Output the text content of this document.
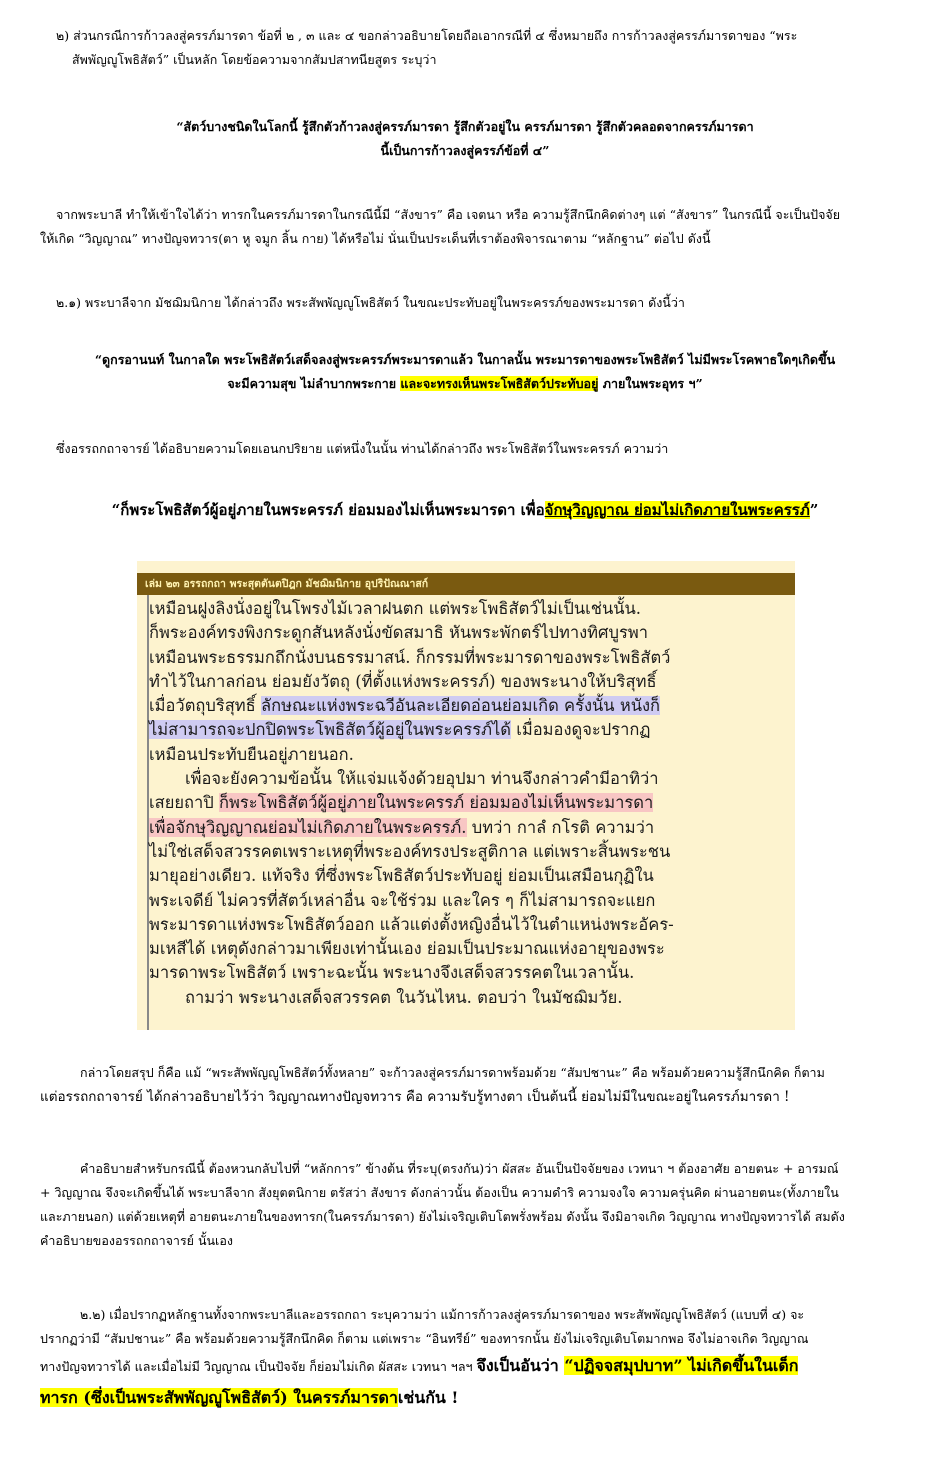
๒) ส่วนกรณีการก้าวลงสู่ครรภ์มารดา ข้อที่ ๒ , ๓ และ ๔ ขอกล่าวอธิบายโดยถือเอากรณีที่ ๔ ซึ่งหมายถึง การก้าวลงสู่ครรภ์มารดาของ “พระ
สัพพัญญูโพธิสัตว์” เป็นหลัก โดยข้อความจากสัมปสาทนียสูตร ระบุว่า
“สัตว์บางชนิดในโลกนี้ รู้สึกตัวก้าวลงสู่ครรภ์มารดา รู้สึกตัวอยู่ใน ครรภ์มารดา รู้สึกตัวคลอดจากครรภ์มารดา
นี้เป็นการก้าวลงสู่ครรภ์ข้อที่ ๔”
จากพระบาลี ทำให้เข้าใจได้ว่า ทารกในครรภ์มารดาในกรณีนี้มี “สังขาร” คือ เจตนา หรือ ความรู้สึกนึกคิดต่างๆ แต่ “สังขาร” ในกรณีนี้ จะเป็นปัจจัย
ให้เกิด “วิญญาณ” ทางปัญจทวาร(ตา หู จมูก ลิ้น กาย) ได้หรือไม่ นั่นเป็นประเด็นที่เราต้องพิจารณาตาม “หลักฐาน” ต่อไป ดังนี้
๒.๑) พระบาลีจาก มัชฌิมนิกาย ได้กล่าวถึง พระสัพพัญญูโพธิสัตว์ ในขณะประทับอยู่ในพระครรภ์ของพระมารดา ดังนี้ว่า
“ดูกรอานนท์ ในกาลใด พระโพธิสัตว์เสด็จลงสู่พระครรภ์พระมารดาแล้ว ในกาลนั้น พระมารดาของพระโพธิสัตว์ ไม่มีพระโรคพาธใดๆเกิดขึ้น
จะมีความสุข ไม่ลำบากพระกาย และจะทรงเห็นพระโพธิสัตว์ประทับอยู่ ภายในพระอุทร ฯ”
ซึ่งอรรถกถาจารย์ ได้อธิบายความโดยเอนกปริยาย แต่หนึ่งในนั้น ท่านได้กล่าวถึง พระโพธิสัตว์ในพระครรภ์ ความว่า
“ก็พระโพธิสัตว์ผู้อยู่ภายในพระครรภ์ ย่อมมองไม่เห็นพระมารดา เพื่อจักษุวิญญาณ ย่อมไม่เกิดภายในพระครรภ์”
เล่ม ๒๓ อรรถกถา พระสุตตันตปิฎก มัชฌิมนิกาย อุปริปัณณาสก์
เหมือนฝูงลิงนั่งอยู่ในโพรงไม้เวลาฝนตก แต่พระโพธิสัตว์ไม่เป็นเช่นนั้น.
ก็พระองค์ทรงพิงกระดูกสันหลังนั่งขัดสมาธิ หันพระพักตร์ไปทางทิศบูรพา
เหมือนพระธรรมกถึกนั่งบนธรรมาสน์. ก็กรรมที่พระมารดาของพระโพธิสัตว์
ทำไว้ในกาลก่อน ย่อมยังวัตถุ (ที่ตั้งแห่งพระครรภ์) ของพระนางให้บริสุทธิ์
เมื่อวัตถุบริสุทธิ์ ลักษณะแห่งพระฉวีอันละเอียดอ่อนย่อมเกิด ครั้งนั้น หนังก็
ไม่สามารถจะปกปิดพระโพธิสัตว์ผู้อยู่ในพระครรภ์ได้ เมื่อมองดูจะปรากฏ
เหมือนประทับยืนอยู่ภายนอก.
เพื่อจะยังความข้อนั้น ให้แจ่มแจ้งด้วยอุปมา ท่านจึงกล่าวคำมีอาทิว่า
เสยยถาปิ ก็พระโพธิสัตว์ผู้อยู่ภายในพระครรภ์ ย่อมมองไม่เห็นพระมารดา
เพื่อจักษุวิญญาณย่อมไม่เกิดภายในพระครรภ์. บทว่า กาลํ กโรติ ความว่า
ไม่ใช่เสด็จสวรรคตเพราะเหตุที่พระองค์ทรงประสูติกาล แต่เพราะสิ้นพระชน
มายุอย่างเดียว. แท้จริง ที่ซึ่งพระโพธิสัตว์ประทับอยู่ ย่อมเป็นเสมือนกุฏิใน
พระเจดีย์ ไม่ควรที่สัตว์เหล่าอื่น จะใช้ร่วม และใคร ๆ ก็ไม่สามารถจะแยก
พระมารดาแห่งพระโพธิสัตว์ออก แล้วแต่งตั้งหญิงอื่นไว้ในตำแหน่งพระอัคร-
มเหสีได้ เหตุดังกล่าวมาเพียงเท่านั้นเอง ย่อมเป็นประมาณแห่งอายุของพระ
มารดาพระโพธิสัตว์ เพราะฉะนั้น พระนางจึงเสด็จสวรรคตในเวลานั้น.
ถามว่า พระนางเสด็จสวรรคต ในวันไหน. ตอบว่า ในมัชฌิมวัย.
กล่าวโดยสรุป ก็คือ แม้ “พระสัพพัญญูโพธิสัตว์ทั้งหลาย” จะก้าวลงสู่ครรภ์มารดาพร้อมด้วย “สัมปชานะ” คือ พร้อมด้วยความรู้สึกนึกคิด ก็ตาม
แต่อรรถกถาจารย์ ได้กล่าวอธิบายไว้ว่า วิญญาณทางปัญจทวาร คือ ความรับรู้ทางตา เป็นต้นนี้ ย่อมไม่มีในขณะอยู่ในครรภ์มารดา !
คำอธิบายสำหรับกรณีนี้ ต้องหวนกลับไปที่ “หลักการ” ข้างต้น ที่ระบุ(ตรงกัน)ว่า ผัสสะ อันเป็นปัจจัยของ เวทนา ฯ ต้องอาศัย อายตนะ + อารมณ์
+ วิญญาณ จึงจะเกิดขึ้นได้ พระบาลีจาก สังยุตตนิกาย ตรัสว่า สังขาร ดังกล่าวนั้น ต้องเป็น ความดำริ ความจงใจ ความครุ่นคิด ผ่านอายตนะ(ทั้งภายใน
และภายนอก) แต่ด้วยเหตุที่ อายตนะภายในของทารก(ในครรภ์มารดา) ยังไม่เจริญเติบโตพรั่งพร้อม ดังนั้น จึงมิอาจเกิด วิญญาณ ทางปัญจทวารได้ สมดัง
คำอธิบายของอรรถกถาจารย์ นั้นเอง
๒.๒) เมื่อปรากฏหลักฐานทั้งจากพระบาลีและอรรถกถา ระบุความว่า แม้การก้าวลงสู่ครรภ์มารดาของ พระสัพพัญญูโพธิสัตว์ (แบบที่ ๔) จะ
ปรากฏว่ามี “สัมปชานะ” คือ พร้อมด้วยความรู้สึกนึกคิด ก็ตาม แต่เพราะ “อินทรีย์” ของทารกนั้น ยังไม่เจริญเติบโตมากพอ จึงไม่อาจเกิด วิญญาณ
ทางปัญจทวารได้ และเมื่อไม่มี วิญญาณ เป็นปัจจัย ก็ย่อมไม่เกิด ผัสสะ เวทนา ฯลฯ จึงเป็นอันว่า “ปฏิจจสมุปบาท” ไม่เกิดขึ้นในเด็ก
ทารก (ซึ่งเป็นพระสัพพัญญูโพธิสัตว์) ในครรภ์มารดาเช่นกัน !
